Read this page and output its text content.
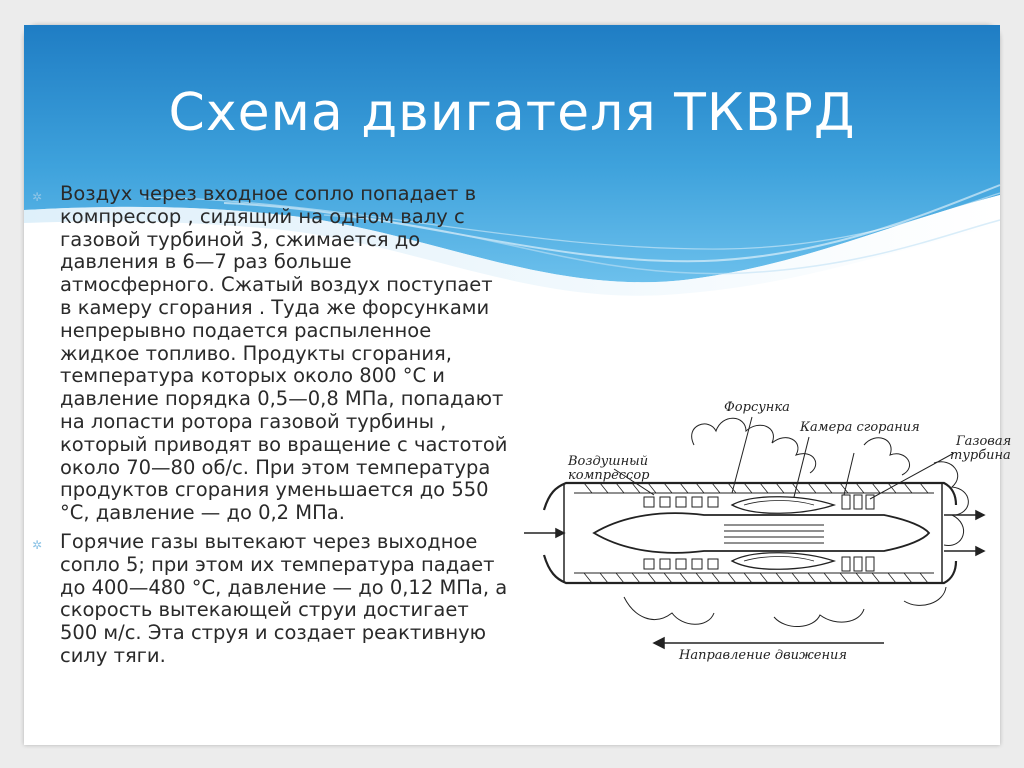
Схема двигателя ТКВРД

✲ Воздух через входное сопло попадает в компрессор , сидящий на одном валу с газовой турбиной 3, сжимается до давления в 6—7 раз больше атмосферного. Сжатый воздух поступает в камеру сгорания . Туда же форсунками непрерывно подается распыленное жидкое топливо. Продукты сгорания, температура которых около 800 °С и давление порядка 0,5—0,8 МПа, попадают на лопасти ротора газовой турбины , который приводят во вращение с частотой около 70—80 об/с. При этом температура продуктов сгорания уменьшается до 550 °С, давление — до 0,2 МПа.

✲ Горячие газы вытекают через выходное сопло 5; при этом их температура падает до 400—480 °С, давление — до 0,12 МПа, а скорость вытекающей струи достигает 500 м/с. Эта струя и создает реактивную силу тяги.

Форсунка
Камера сгорания
Газовая
турбина
Воздушный
компрессор
Направление движения
